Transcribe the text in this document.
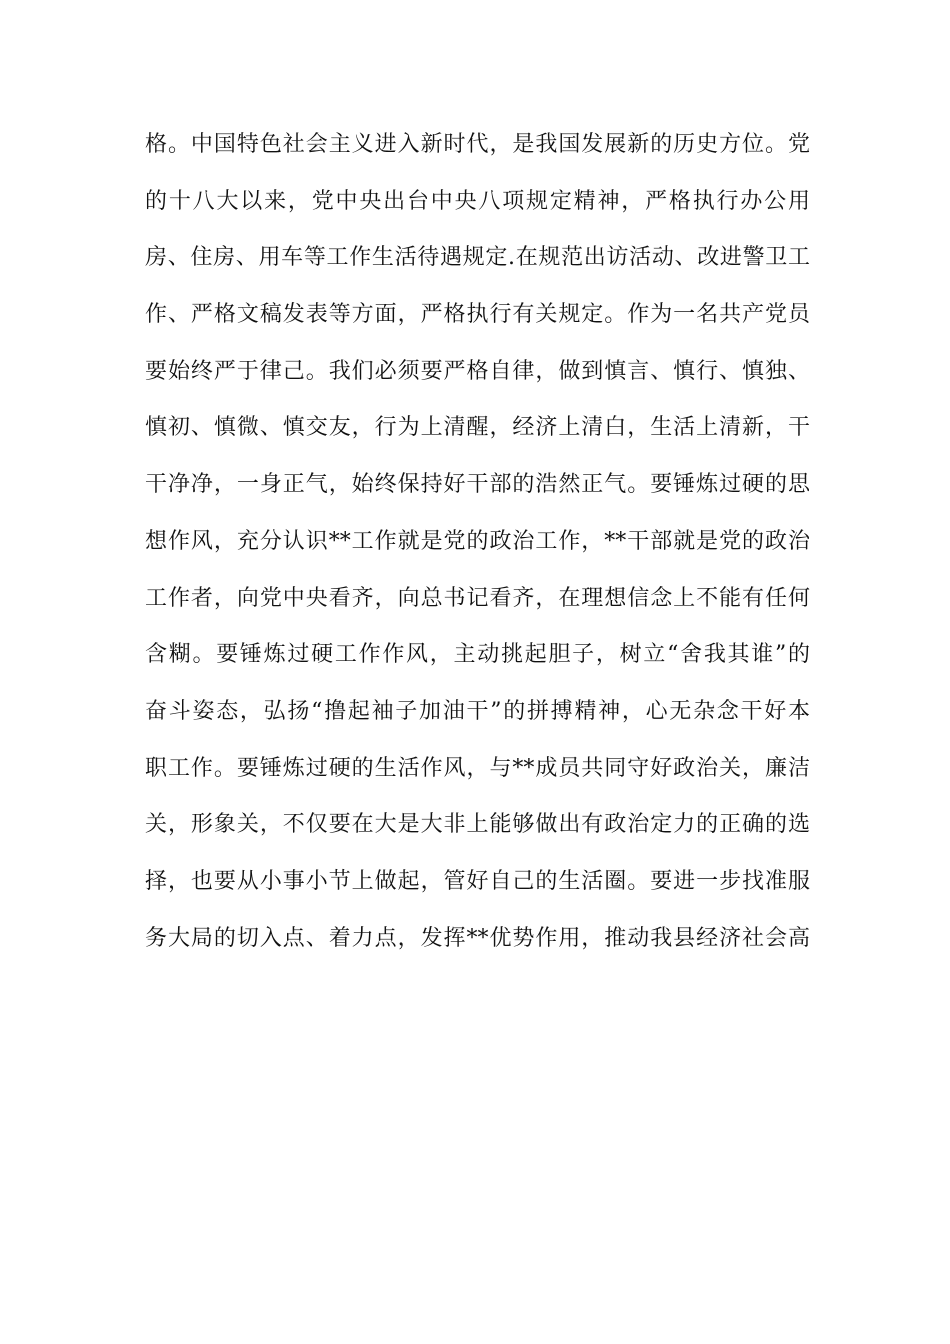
格。中国特色社会主义进入新时代，是我国发展新的历史方位。党
的十八大以来，党中央出台中央八项规定精神，严格执行办公用
房、住房、用车等工作生活待遇规定.在规范出访活动、改进警卫工
作、严格文稿发表等方面，严格执行有关规定。作为一名共产党员
要始终严于律己。我们必须要严格自律，做到慎言、慎行、慎独、
慎初、慎微、慎交友，行为上清醒，经济上清白，生活上清新，干
干净净，一身正气，始终保持好干部的浩然正气。要锤炼过硬的思
想作风，充分认识**工作就是党的政治工作，**干部就是党的政治
工作者，向党中央看齐，向总书记看齐，在理想信念上不能有任何
含糊。要锤炼过硬工作作风，主动挑起胆子，树立“舍我其谁”的
奋斗姿态，弘扬“撸起袖子加油干”的拼搏精神，心无杂念干好本
职工作。要锤炼过硬的生活作风，与**成员共同守好政治关，廉洁
关，形象关，不仅要在大是大非上能够做出有政治定力的正确的选
择，也要从小事小节上做起，管好自己的生活圈。要进一步找准服
务大局的切入点、着力点，发挥**优势作用，推动我县经济社会高
